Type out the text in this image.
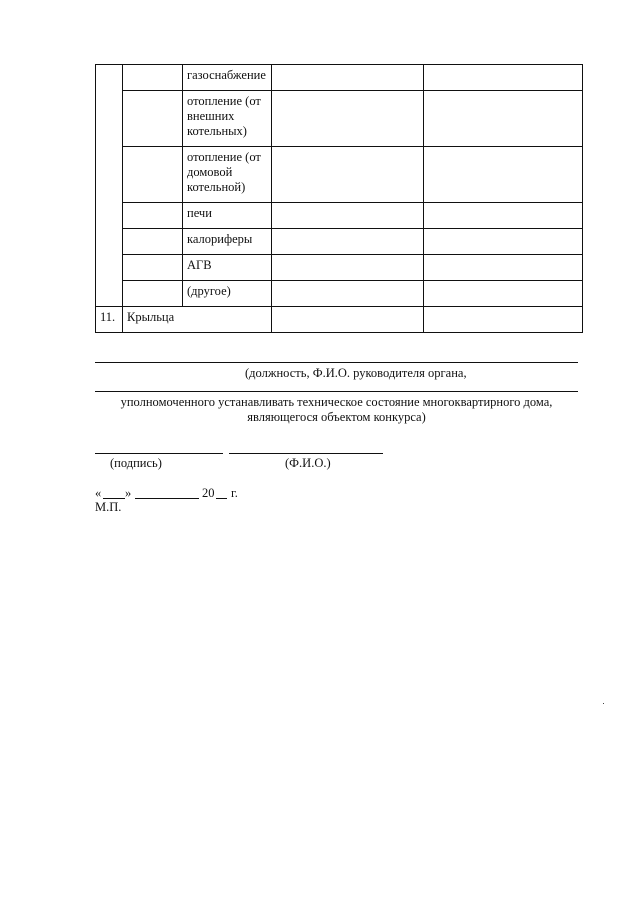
		газоснабжение		
		отопление (от внешних котельных)		
		отопление (от домовой котельной)		
		печи		
		калориферы		
		АГВ		
		(другое)		
11.	Крыльца			
(должность, Ф.И.О. руководителя органа,
уполномоченного устанавливать техническое состояние многоквартирного дома,
являющегося объектом конкурса)
(подпись)	(Ф.И.О.)
« »	20 г.
М.П.
